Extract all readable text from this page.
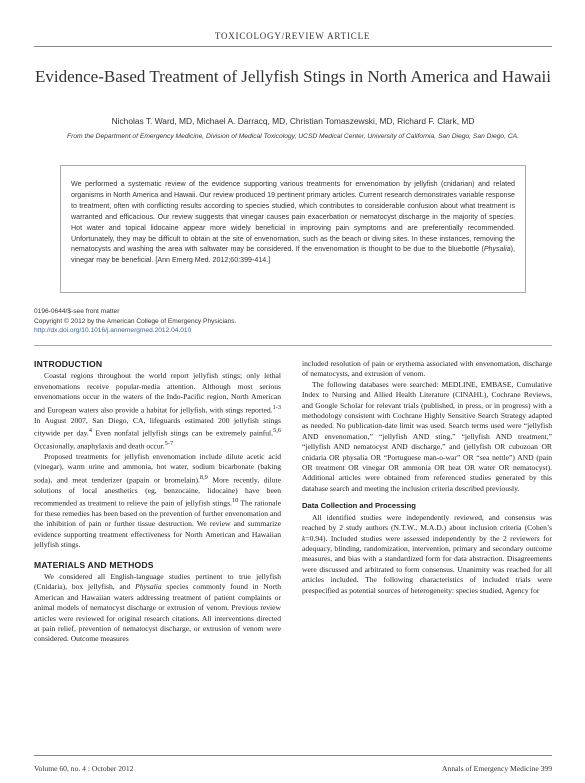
TOXICOLOGY/REVIEW ARTICLE
Evidence-Based Treatment of Jellyfish Stings in North America and Hawaii
Nicholas T. Ward, MD, Michael A. Darracq, MD, Christian Tomaszewski, MD, Richard F. Clark, MD
From the Department of Emergency Medicine, Division of Medical Toxicology, UCSD Medical Center, University of California, San Diego, San Diego, CA.

We performed a systematic review of the evidence supporting various treatments for envenomation by jellyfish (cnidarian) and related organisms in North America and Hawaii. Our review produced 19 pertinent primary articles. Current research demonstrates variable response to treatment, often with conflicting results according to species studied, which contributes to considerable confusion about what treatment is warranted and efficacious. Our review suggests that vinegar causes pain exacerbation or nematocyst discharge in the majority of species. Hot water and topical lidocaine appear more widely beneficial in improving pain symptoms and are preferentially recommended. Unfortunately, they may be difficult to obtain at the site of envenomation, such as the beach or diving sites. In these instances, removing the nematocysts and washing the area with saltwater may be considered. If the envenomation is thought to be due to the bluebottle (Physalia), vinegar may be beneficial. [Ann Emerg Med. 2012;60:399-414.]

0196-0644/$-see front matter
Copyright © 2012 by the American College of Emergency Physicians.
http://dx.doi.org/10.1016/j.annemergmed.2012.04.010
INTRODUCTION

Coastal regions throughout the world report jellyfish stings; only lethal envenomations receive popular-media attention. Although most serious envenomations occur in the waters of the Indo-Pacific region, North American and European waters also provide a habitat for jellyfish, with stings reported.$^{1-3}$ In August 2007, San Diego, CA, lifeguards estimated 200 jellyfish stings citywide per day.$^4$ Even nonfatal jellyfish stings can be extremely painful.$^{5,6}$ Occasionally, anaphylaxis and death occur.$^{5-7}$

Proposed treatments for jellyfish envenomation include dilute acetic acid (vinegar), warm urine and ammonia, hot water, sodium bicarbonate (baking soda), and meat tenderizer (papain or bromelain).$^{8,9}$ More recently, dilute solutions of local anesthetics (eg, benzocaine, lidocaine) have been recommended as treatment to relieve the pain of jellyfish stings.$^{10}$ The rationale for these remedies has been based on the prevention of further envenomation and the inhibition of pain or further tissue destruction. We review and summarize evidence supporting treatment effectiveness for North American and Hawaiian jellyfish stings.

MATERIALS AND METHODS

We considered all English-language studies pertinent to true jellyfish (Cnidaria), box jellyfish, and Physalia species commonly found in North American and Hawaiian waters addressing treatment of patient complaints or animal models of nematocyst discharge or extrusion of venom. Previous review articles were reviewed for original research citations. All interventions directed at pain relief, prevention of nematocyst discharge, or extrusion of venom were considered. Outcome measures

included resolution of pain or erythema associated with envenomation, discharge of nematocysts, and extrusion of venom.

The following databases were searched: MEDLINE, EMBASE, Cumulative Index to Nursing and Allied Health Literature (CINAHL), Cochrane Reviews, and Google Scholar for relevant trials (published, in press, or in progress) with a methodology consistent with Cochrane Highly Sensitive Search Strategy adapted as needed. No publication-date limit was used. Search terms used were “jellyfish AND envenomation,” “jellyfish AND sting,” “jellyfish AND treatment,” “jellyfish AND nematocyst AND discharge,” and (jellyfish OR cubozoan OR cnidaria OR physalia OR “Portuguese man-o-war” OR “sea nettle”) AND (pain OR treatment OR vinegar OR ammonia OR heat OR water OR nematocyst). Additional articles were obtained from referenced studies generated by this database search and meeting the inclusion criteria described previously.

Data Collection and Processing

All identified studies were independently reviewed, and consensus was reached by 2 study authors (N.T.W., M.A.D.) about inclusion criteria (Cohen’s k=0.94). Included studies were assessed independently by the 2 reviewers for adequacy, blinding, randomization, intervention, primary and secondary outcome measures, and bias with a standardized form for data abstraction. Disagreements were discussed and arbitrated to form consensus. Unanimity was reached for all articles included. The following characteristics of included trials were prespecified as potential sources of heterogeneity: species studied, Agency for

Volume 60, no. 4 : October 2012	Annals of Emergency Medicine 399
